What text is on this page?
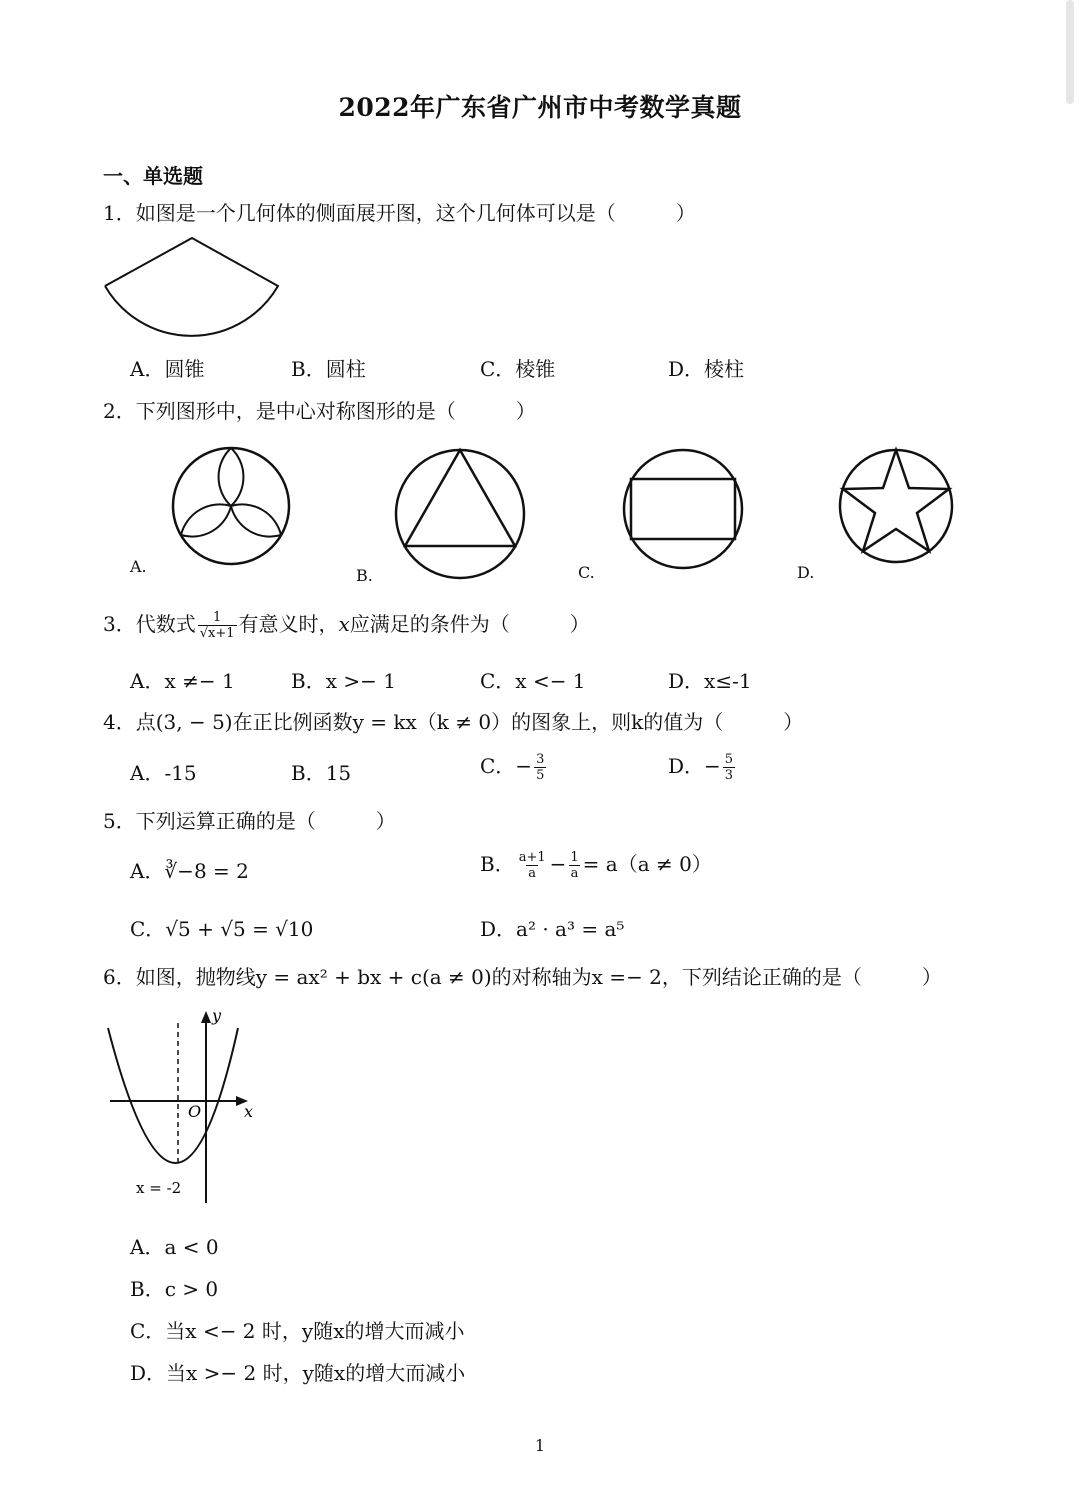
2022年广东省广州市中考数学真题
一、单选题
1．如图是一个几何体的侧面展开图，这个几何体可以是（　　　）
A．圆锥	B．圆柱	C．棱锥	D．棱柱
2．下列图形中，是中心对称图形的是（　　　）
A.	B.	C.	D.
3．代数式 $\frac{1}{√x+1}$ 有意义时，x应满足的条件为（　　　）
A．x ≠− 1	B．x >− 1	C．x <− 1	D．x≤-1
4．点(3, − 5)在正比例函数y = kx（k ≠ 0）的图象上，则k的值为（　　　）
A．-15	B．15	C．− $\frac{3}{5}$	D．− $\frac{5}{3}$
5．下列运算正确的是（　　　）
A．∛−8 = 2	B． $\frac{a+1}{a} - \frac{1}{a} = a(a \ne 0)$
C．√5 + √5 = √10	D．a² · a³ = a⁵
6．如图，抛物线y = ax² + bx + c(a ≠ 0)的对称轴为x =− 2，下列结论正确的是（　　　）
y
x
O
x = -2
A．a < 0
B．c > 0
C．当x <− 2 时，y随x的增大而减小
D．当x >− 2 时，y随x的增大而减小
1
